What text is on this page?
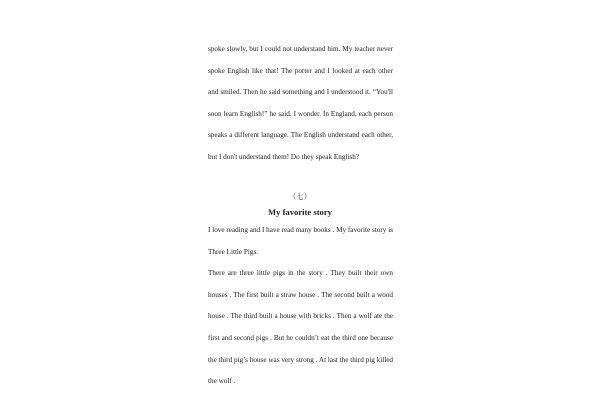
spoke slowly, but I could not understand him. My teacher never spoke English like that! The porter and I looked at each other and smiled. Then he said something and I understood it. “You'll soon learn English!” he said. I wonder. In England, each person speaks a different language. The English understand each other, but I don't understand them! Do they speak English?

（七）

My favorite story

I love reading and I have read many books . My favorite story is Three Little Pigs.

There are three little pigs in the story . They built their own houses . The first built a straw house . The second built a wood house . The third built a house with bricks . Then a wolf ate the first and second pigs . But he couldn’t eat the third one because the third pig’s house was very strong . At last the third pig killed the wolf .
